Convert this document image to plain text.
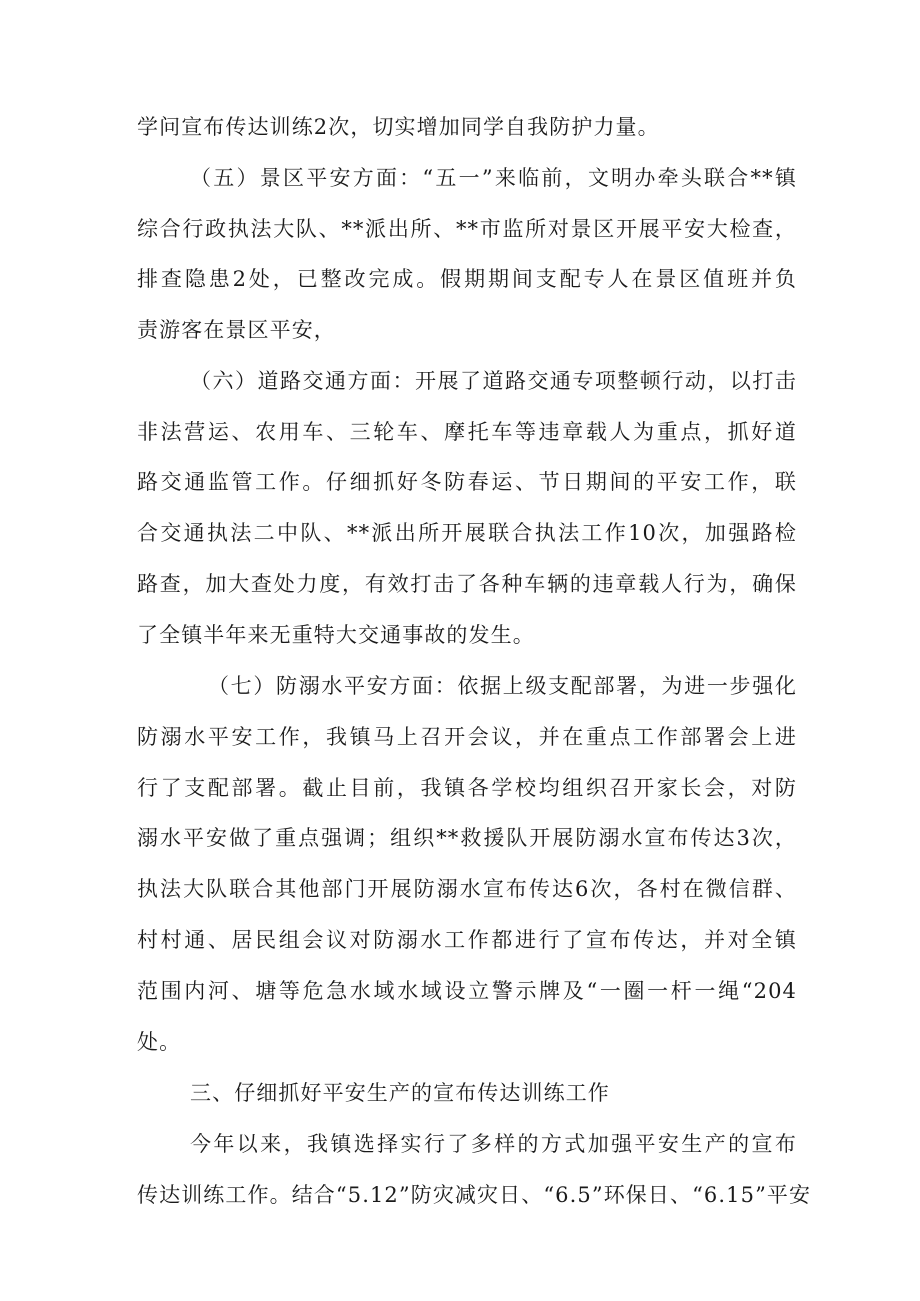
学问宣布传达训练2次，切实增加同学自我防护力量。
（五）景区平安方面：“五一”来临前，文明办牵头联合**镇
综合行政执法大队、**派出所、**市监所对景区开展平安大检查，
排查隐患2处，已整改完成。假期期间支配专人在景区值班并负
责游客在景区平安，
（六）道路交通方面：开展了道路交通专项整顿行动，以打击
非法营运、农用车、三轮车、摩托车等违章载人为重点，抓好道
路交通监管工作。仔细抓好冬防春运、节日期间的平安工作，联
合交通执法二中队、**派出所开展联合执法工作10次，加强路检
路查，加大查处力度，有效打击了各种车辆的违章载人行为，确保
了全镇半年来无重特大交通事故的发生。
（七）防溺水平安方面：依据上级支配部署，为进一步强化
防溺水平安工作，我镇马上召开会议，并在重点工作部署会上进
行了支配部署。截止目前，我镇各学校均组织召开家长会，对防
溺水平安做了重点强调；组织**救援队开展防溺水宣布传达3次，
执法大队联合其他部门开展防溺水宣布传达6次，各村在微信群、
村村通、居民组会议对防溺水工作都进行了宣布传达，并对全镇
范围内河、塘等危急水域水域设立警示牌及“一圈一杆一绳“204
处。
三、仔细抓好平安生产的宣布传达训练工作
今年以来，我镇选择实行了多样的方式加强平安生产的宣布
传达训练工作。结合“5.12”防灾减灾日、“6.5”环保日、“6.15”平安
